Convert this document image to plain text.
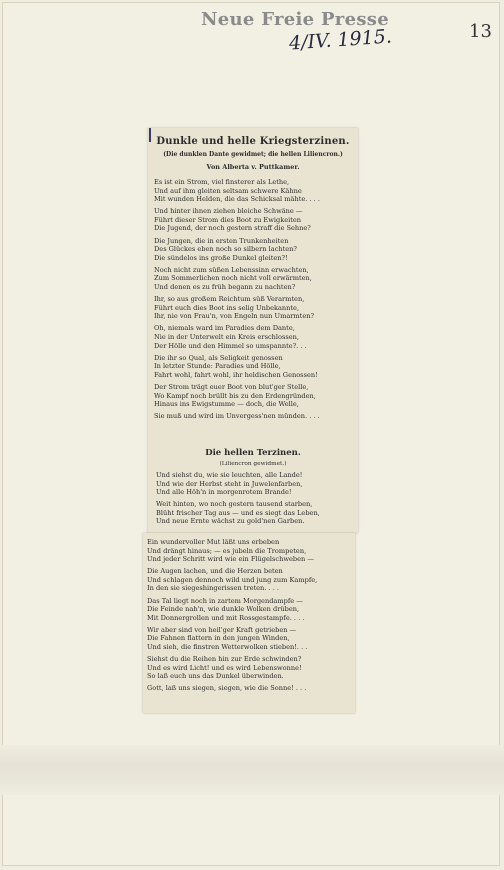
Neue Freie Presse
4/IV. 1915.	13
Dunkle und helle Kriegsterzinen.
(Die dunklen Dante gewidmet; die hellen Liliencron.)
Von Alberta v. Puttkamer.
Es ist ein Strom, viel finsterer als Lethe,
Und auf ihm gleiten seltsam schwere Kähne
Mit wunden Helden, die das Schicksal mähte. . . .
Und hinter ihnen ziehen bleiche Schwäne —
Führt dieser Strom dies Boot zu Ewigkeiten
Die Jugend, der noch gestern straff die Sehne?
Die Jungen, die in ersten Trunkenheiten
Des Glückes eben noch so silbern lachten?
Die sündelos ins große Dunkel gleiten?!
Noch nicht zum süßen Lebenssinn erwachten,
Zum Sommerlichen noch nicht voll erwärmten,
Und denen es zu früh begann zu nachten?
Ihr, so aus großem Reichtum süß Verarmten,
Führt euch dies Boot ins selig Unbekannte,
Ihr, nie von Frau'n, von Engeln nun Umarmten?
Oh, niemals ward im Paradies dem Dante,
Nie in der Unterwelt ein Kreis erschlossen,
Der Hölle und den Himmel so umspannte?. . .
Die ihr so Qual, als Seligkeit genossen
In letzter Stunde: Paradies und Hölle,
Fahrt wohl, fahrt wohl, ihr heldischen Genossen!
Der Strom trägt euer Boot von blut'ger Stelle,
Wo Kampf noch brüllt bis zu den Erdengründen,
Hinaus ins Ewigstumme — doch, die Welle,
Sie muß und wird im Unvergess'nen münden. . . .
Die hellen Terzinen.
(Liliencron gewidmet.)
Und siehst du, wie sie leuchten, alle Lande!
Und wie der Herbst steht in Juwelenfarben,
Und alle Höh'n in morgenrotem Brande!
Weit hinten, wo noch gestern tausend starben,
Blüht frischer Tag aus — und es siegt das Leben,
Und neue Ernte wächst zu gold'nen Garben.
Ein wundervoller Mut läßt uns erbeben
Und drängt hinaus; — es jubeln die Trompeten,
Und jeder Schritt wird wie ein Flügelschweben —
Die Augen lachen, und die Herzen beten
Und schlagen dennoch wild und jung zum Kampfe,
In den sie siegeshingerissen treten. . . .
Das Tal liegt noch in zartem Morgendampfe —
Die Feinde nah'n, wie dunkle Wolken drüben,
Mit Donnergrollen und mit Rossgestampfe. . . .
Wir aber sind von heil'ger Kraft getrieben —
Die Fahnen flattern in den jungen Winden,
Und sieh, die finstren Wetterwolken stieben!. . .
Siehst du die Reihen hin zur Erde schwinden?
Und es wird Licht! und es wird Lebenswonne!
So laß euch uns das Dunkel überwinden.
Gott, laß uns siegen, siegen, wie die Sonne! . . .
